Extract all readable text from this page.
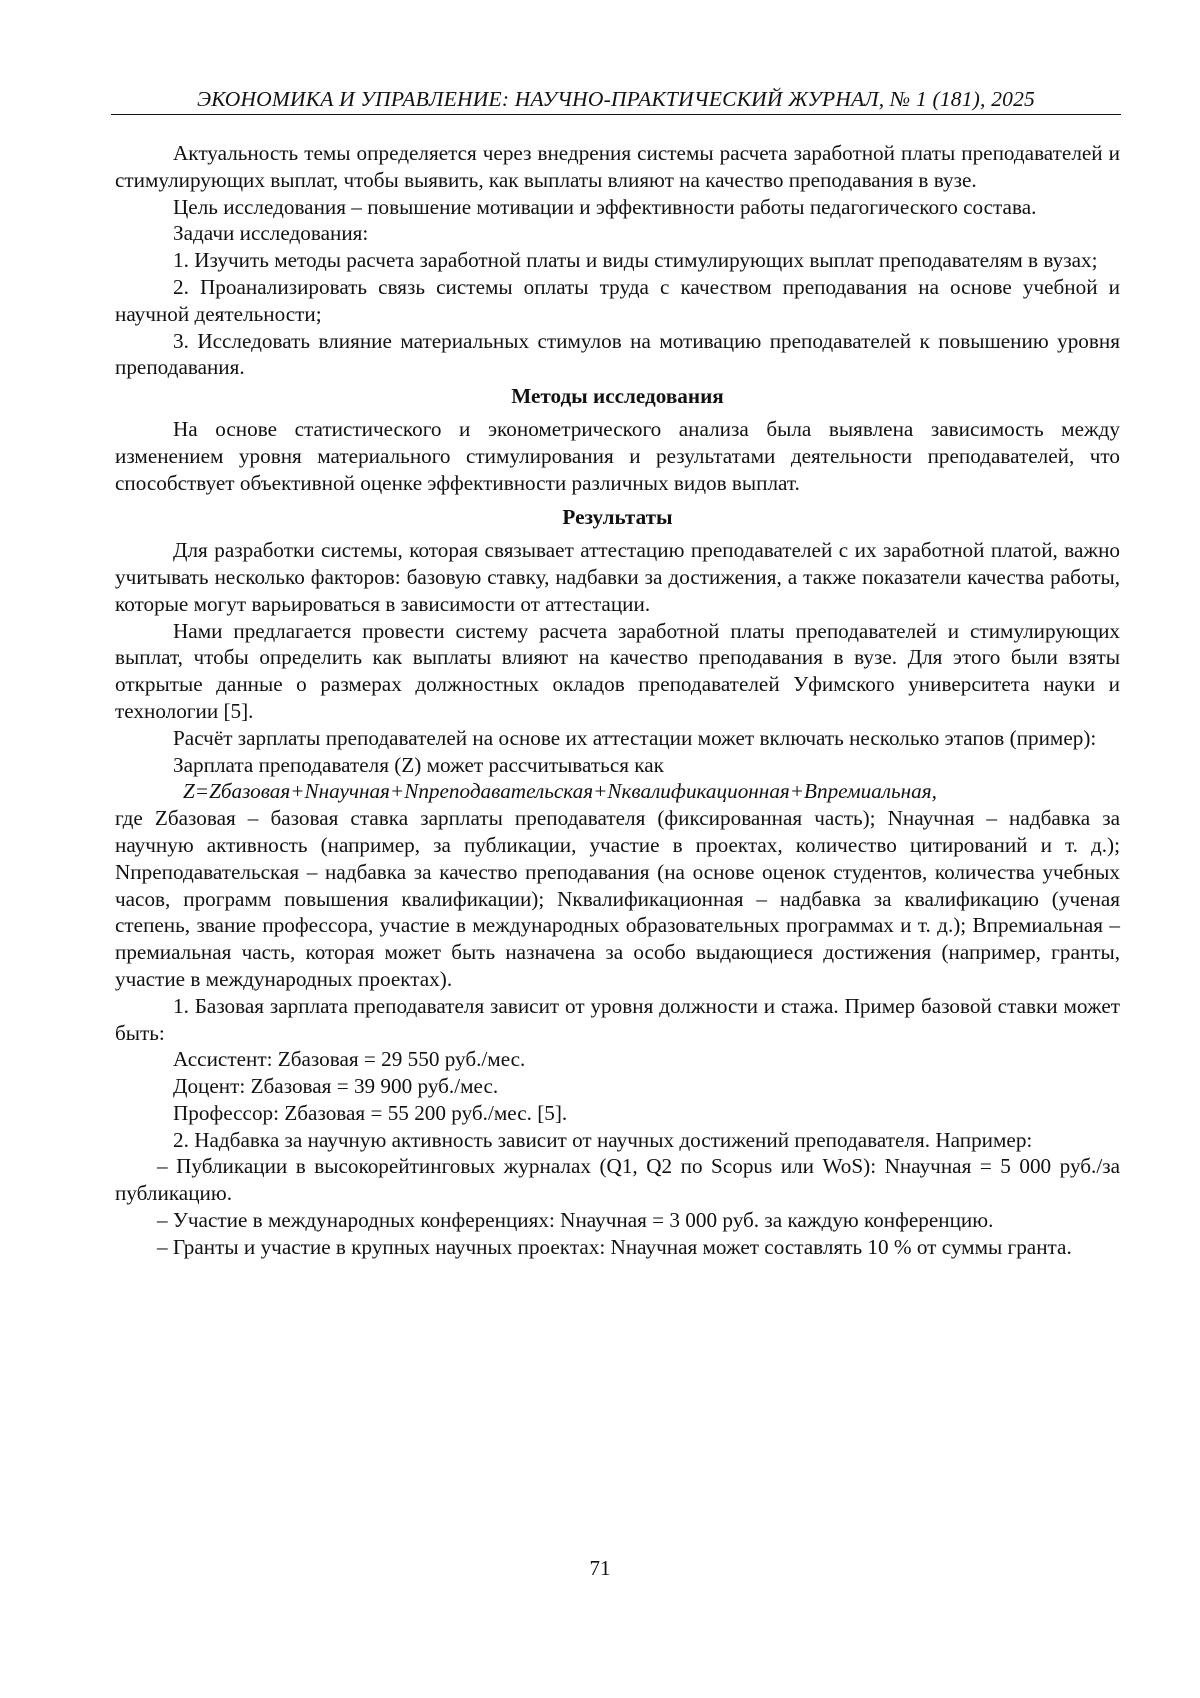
ЭКОНОМИКА И УПРАВЛЕНИЕ: НАУЧНО-ПРАКТИЧЕСКИЙ ЖУРНАЛ, № 1 (181), 2025

Актуальность темы определяется через внедрения системы расчета заработной платы преподавателей и стимулирующих выплат, чтобы выявить, как выплаты влияют на качество преподавания в вузе.

Цель исследования – повышение мотивации и эффективности работы педагогического состава.

Задачи исследования:

1. Изучить методы расчета заработной платы и виды стимулирующих выплат преподавателям в вузах;

2. Проанализировать связь системы оплаты труда с качеством преподавания на основе учебной и научной деятельности;

3. Исследовать влияние материальных стимулов на мотивацию преподавателей к повышению уровня преподавания.

Методы исследования

На основе статистического и эконометрического анализа была выявлена зависимость между изменением уровня материального стимулирования и результатами деятельности преподавателей, что способствует объективной оценке эффективности различных видов выплат.

Результаты

Для разработки системы, которая связывает аттестацию преподавателей с их заработной платой, важно учитывать несколько факторов: базовую ставку, надбавки за достижения, а также показатели качества работы, которые могут варьироваться в зависимости от аттестации.

Нами предлагается провести систему расчета заработной платы преподавателей и стимулирующих выплат, чтобы определить как выплаты влияют на качество преподавания в вузе. Для этого были взяты открытые данные о размерах должностных окладов преподавателей Уфимского университета науки и технологии [5].

Расчёт зарплаты преподавателей на основе их аттестации может включать несколько этапов (пример):

Зарплата преподавателя (Z) может рассчитываться как

Z=Zбазовая+Nнаучная+Nпреподавательская+Nквалификационная+Bпремиальная,

где Zбазовая – базовая ставка зарплаты преподавателя (фиксированная часть); Nнаучная – надбавка за научную активность (например, за публикации, участие в проектах, количество цитирований и т. д.); Nпреподавательская – надбавка за качество преподавания (на основе оценок студентов, количества учебных часов, программ повышения квалификации); Nквалификационная – надбавка за квалификацию (ученая степень, звание профессора, участие в международных образовательных программах и т. д.); Bпремиальная – премиальная часть, которая может быть назначена за особо выдающиеся достижения (например, гранты, участие в международных проектах).

1. Базовая зарплата преподавателя зависит от уровня должности и стажа. Пример базовой ставки может быть:

Ассистент: Zбазовая = 29 550 руб./мес.

Доцент: Zбазовая = 39 900 руб./мес.

Профессор: Zбазовая = 55 200 руб./мес. [5].

2. Надбавка за научную активность зависит от научных достижений преподавателя. Например:

– Публикации в высокорейтинговых журналах (Q1, Q2 по Scopus или WoS): Nнаучная = 5 000 руб./за публикацию.

– Участие в международных конференциях: Nнаучная = 3 000 руб. за каждую конференцию.

– Гранты и участие в крупных научных проектах: Nнаучная может составлять 10 % от суммы гранта.

71
